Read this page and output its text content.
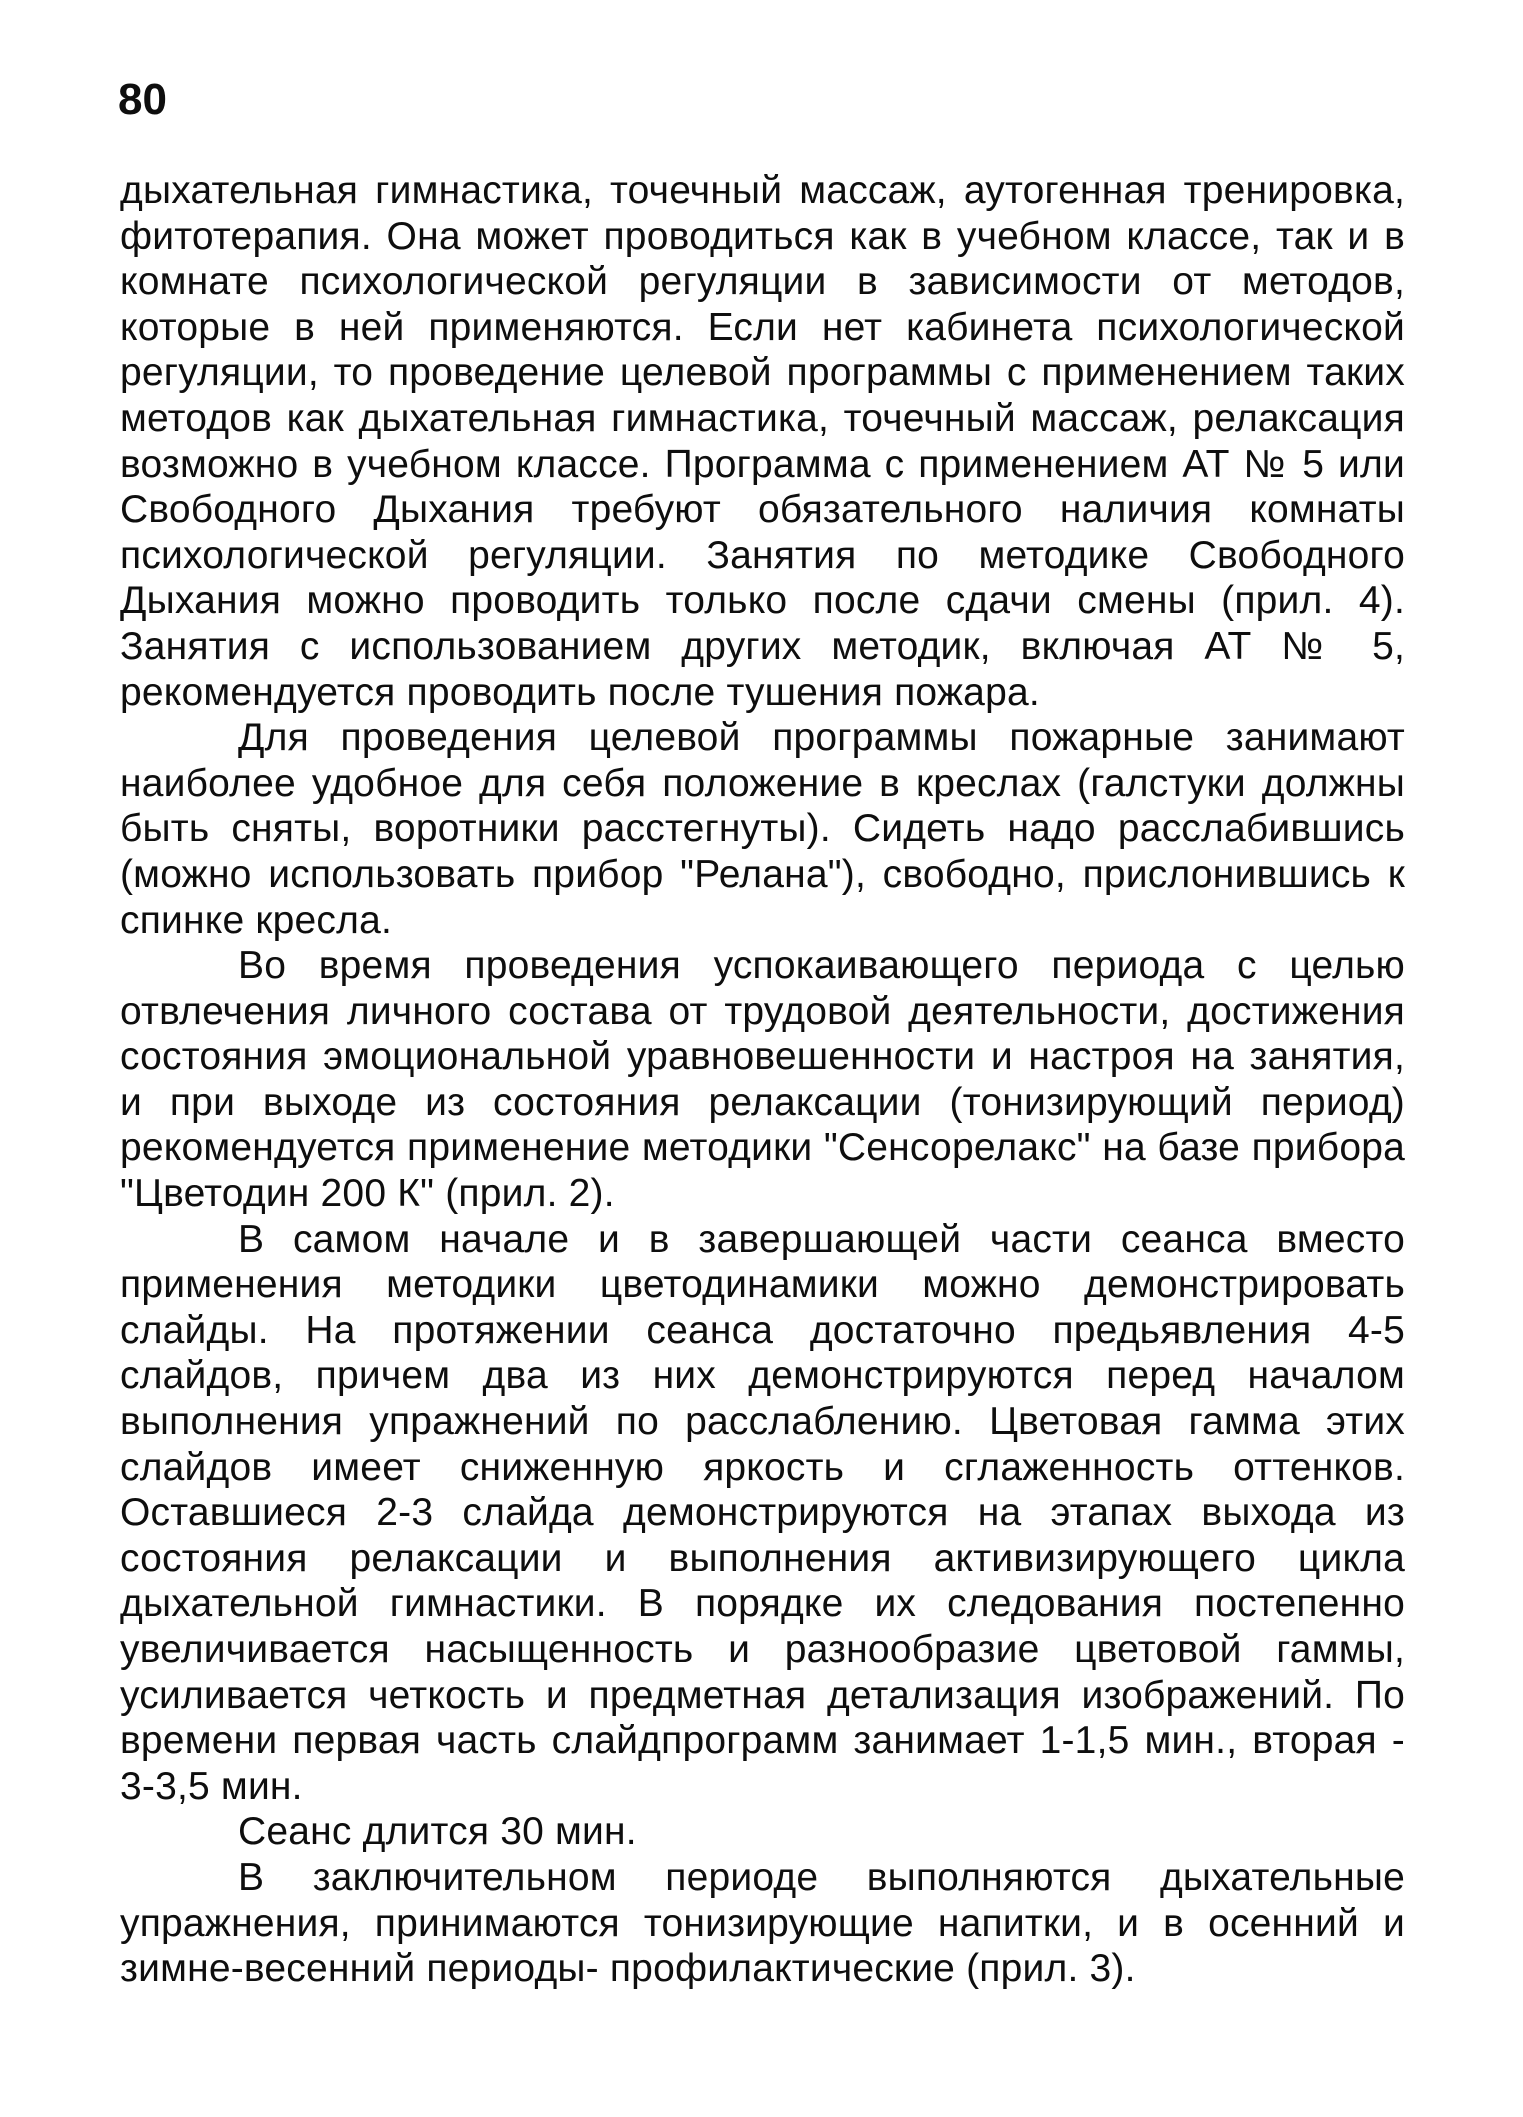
80

дыхательная гимнастика, точечный массаж, аутогенная тренировка, фитотерапия. Она может проводиться как в учебном классе, так и в комнате психологической регуляции в зависимости от методов, которые в ней применяются. Если нет кабинета психологической регуляции, то проведение целевой программы с применением таких методов как дыхательная гимнастика, точечный массаж, релаксация возможно в учебном классе. Программа с применением АТ № 5 или Свободного Дыхания требуют обязательного наличия комнаты психологической регуляции. Занятия по методике Свободного Дыхания можно проводить только после сдачи смены (прил. 4). Занятия с использованием других методик, включая АТ № 5, рекомендуется проводить после тушения пожара.

Для проведения целевой программы пожарные занимают наиболее удобное для себя положение в креслах (галстуки должны быть сняты, воротники расстегнуты). Сидеть надо расслабившись (можно использовать прибор "Релана"), свободно, прислонившись к спинке кресла.

Во время проведения успокаивающего периода с целью отвлечения личного состава от трудовой деятельности, достижения состояния эмоциональной уравновешенности и настроя на занятия, и при выходе из состояния релаксации (тонизирующий период) рекомендуется применение методики "Сенсорелакс" на базе прибора "Цветодин 200 К" (прил. 2).

В самом начале и в завершающей части сеанса вместо применения методики цветодинамики можно демонстрировать слайды. На протяжении сеанса достаточно предьявления 4-5 слайдов, причем два из них демонстрируются перед началом выполнения упражнений по расслаблению. Цветовая гамма этих слайдов имеет сниженную яркость и сглаженность оттенков. Оставшиеся 2-3 слайда демонстрируются на этапах выхода из состояния релаксации и выполнения активизирующего цикла дыхательной гимнастики. В порядке их следования постепенно увеличивается насыщенность и разнообразие цветовой гаммы, усиливается четкость и предметная детализация изображений. По времени первая часть слайдпрограмм занимает 1-1,5 мин., вторая - 3-3,5 мин.

Сеанс длится 30 мин.

В заключительном периоде выполняются дыхательные упражнения, принимаются тонизирующие напитки, и в осенний и зимне-весенний периоды- профилактические (прил. 3).
